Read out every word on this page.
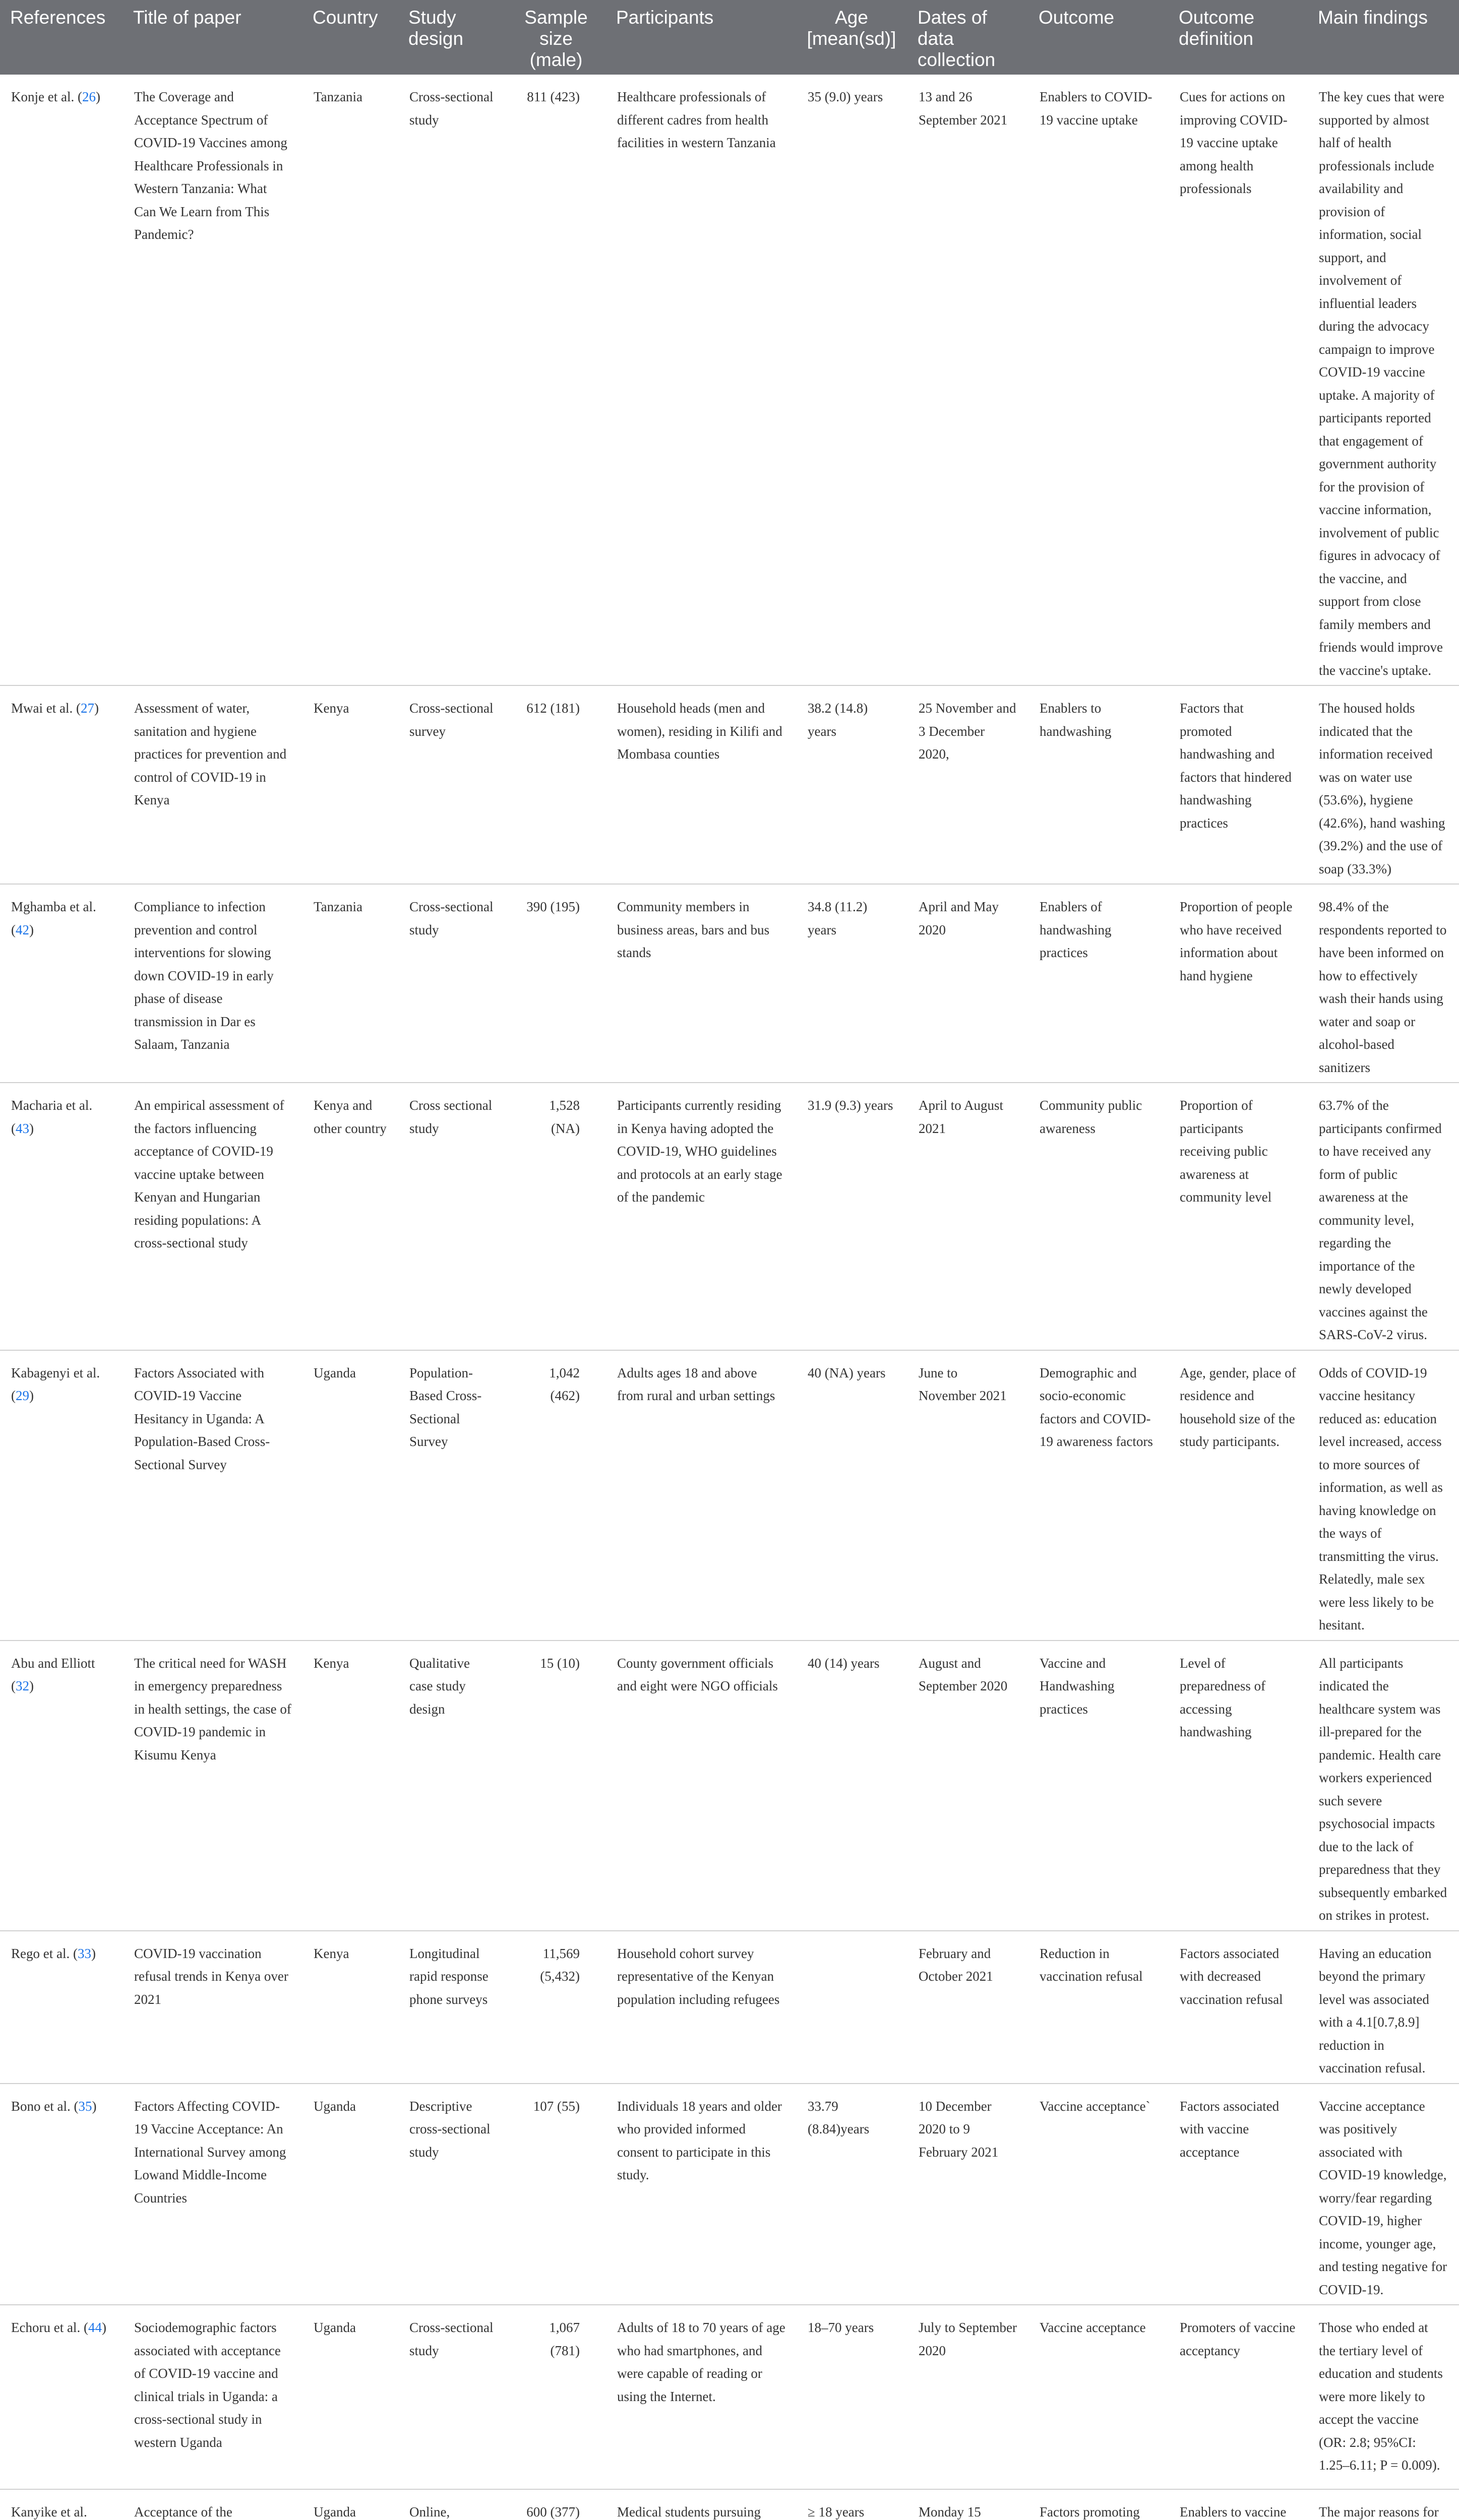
References	Title of paper	Country	Study design	Sample size (male)	Participants	Age [mean(sd)]	Dates of data collection	Outcome	Outcome definition	Main findings
Konje et al. (26)	The Coverage and Acceptance Spectrum of COVID-19 Vaccines among Healthcare Professionals in Western Tanzania: What Can We Learn from This Pandemic?	Tanzania	Cross-sectional study	811 (423)	Healthcare professionals of different cadres from health facilities in western Tanzania	35 (9.0) years	13 and 26 September 2021	Enablers to COVID-19 vaccine uptake	Cues for actions on improving COVID-19 vaccine uptake among health professionals	The key cues that were supported by almost half of health professionals include availability and provision of information, social support, and involvement of influential leaders during the advocacy campaign to improve COVID-19 vaccine uptake. A majority of participants reported that engagement of government authority for the provision of vaccine information, involvement of public figures in advocacy of the vaccine, and support from close family members and friends would improve the vaccine's uptake.
Mwai et al. (27)	Assessment of water, sanitation and hygiene practices for prevention and control of COVID-19 in Kenya	Kenya	Cross-sectional survey	612 (181)	Household heads (men and women), residing in Kilifi and Mombasa counties	38.2 (14.8) years	25 November and 3 December 2020,	Enablers to handwashing	Factors that promoted handwashing and factors that hindered handwashing practices	The housed holds indicated that the information received was on water use (53.6%), hygiene (42.6%), hand washing (39.2%) and the use of soap (33.3%)
Mghamba et al. (42)	Compliance to infection prevention and control interventions for slowing down COVID-19 in early phase of disease transmission in Dar es Salaam, Tanzania	Tanzania	Cross-sectional study	390 (195)	Community members in business areas, bars and bus stands	34.8 (11.2) years	April and May 2020	Enablers of handwashing practices	Proportion of people who have received information about hand hygiene	98.4% of the respondents reported to have been informed on how to effectively wash their hands using water and soap or alcohol-based sanitizers
Macharia et al. (43)	An empirical assessment of the factors influencing acceptance of COVID-19 vaccine uptake between Kenyan and Hungarian residing populations: A cross-sectional study	Kenya and other country	Cross sectional study	1,528 (NA)	Participants currently residing in Kenya having adopted the COVID-19, WHO guidelines and protocols at an early stage of the pandemic	31.9 (9.3) years	April to August 2021	Community public awareness	Proportion of participants receiving public awareness at community level	63.7% of the participants confirmed to have received any form of public awareness at the community level, regarding the importance of the newly developed vaccines against the SARS-CoV-2 virus.
Kabagenyi et al. (29)	Factors Associated with COVID-19 Vaccine Hesitancy in Uganda: A Population-Based Cross-Sectional Survey	Uganda	Population-Based Cross-Sectional Survey	1,042 (462)	Adults ages 18 and above from rural and urban settings	40 (NA) years	June to November 2021	Demographic and socio-economic factors and COVID-19 awareness factors	Age, gender, place of residence and household size of the study participants.	Odds of COVID-19 vaccine hesitancy reduced as: education level increased, access to more sources of information, as well as having knowledge on the ways of transmitting the virus. Relatedly, male sex were less likely to be hesitant.
Abu and Elliott (32)	The critical need for WASH in emergency preparedness in health settings, the case of COVID-19 pandemic in Kisumu Kenya	Kenya	Qualitative case study design	15 (10)	County government officials and eight were NGO officials	40 (14) years	August and September 2020	Vaccine and Handwashing practices	Level of preparedness of accessing handwashing	All participants indicated the healthcare system was ill-prepared for the pandemic. Health care workers experienced such severe psychosocial impacts due to the lack of preparedness that they subsequently embarked on strikes in protest.
Rego et al. (33)	COVID-19 vaccination refusal trends in Kenya over 2021	Kenya	Longitudinal rapid response phone surveys	11,569 (5,432)	Household cohort survey representative of the Kenyan population including refugees		February and October 2021	Reduction in vaccination refusal	Factors associated with decreased vaccination refusal	Having an education beyond the primary level was associated with a 4.1[0.7,8.9] reduction in vaccination refusal.
Bono et al. (35)	Factors Affecting COVID-19 Vaccine Acceptance: An International Survey among Lowand Middle-Income Countries	Uganda	Descriptive cross-sectional study	107 (55)	Individuals 18 years and older who provided informed consent to participate in this study.	33.79 (8.84)years	10 December 2020 to 9 February 2021	Vaccine acceptance`	Factors associated with vaccine acceptance	Vaccine acceptance was positively associated with COVID-19 knowledge, worry/fear regarding COVID-19, higher income, younger age, and testing negative for COVID-19.
Echoru et al. (44)	Sociodemographic factors associated with acceptance of COVID-19 vaccine and clinical trials in Uganda: a cross-sectional study in western Uganda	Uganda	Cross-sectional study	1,067 (781)	Adults of 18 to 70 years of age who had smartphones, and were capable of reading or using the Internet.	18–70 years	July to September 2020	Vaccine acceptance	Promoters of vaccine acceptancy	Those who ended at the tertiary level of education and students were more likely to accept the vaccine (OR: 2.8; 95%CI: 1.25–6.11; P = 0.009).
Kanyike et al.	Acceptance of the	Uganda	Online,	600 (377)	Medical students pursuing	≥ 18 years	Monday 15	Factors promoting	Enablers to vaccine	The major reasons for
